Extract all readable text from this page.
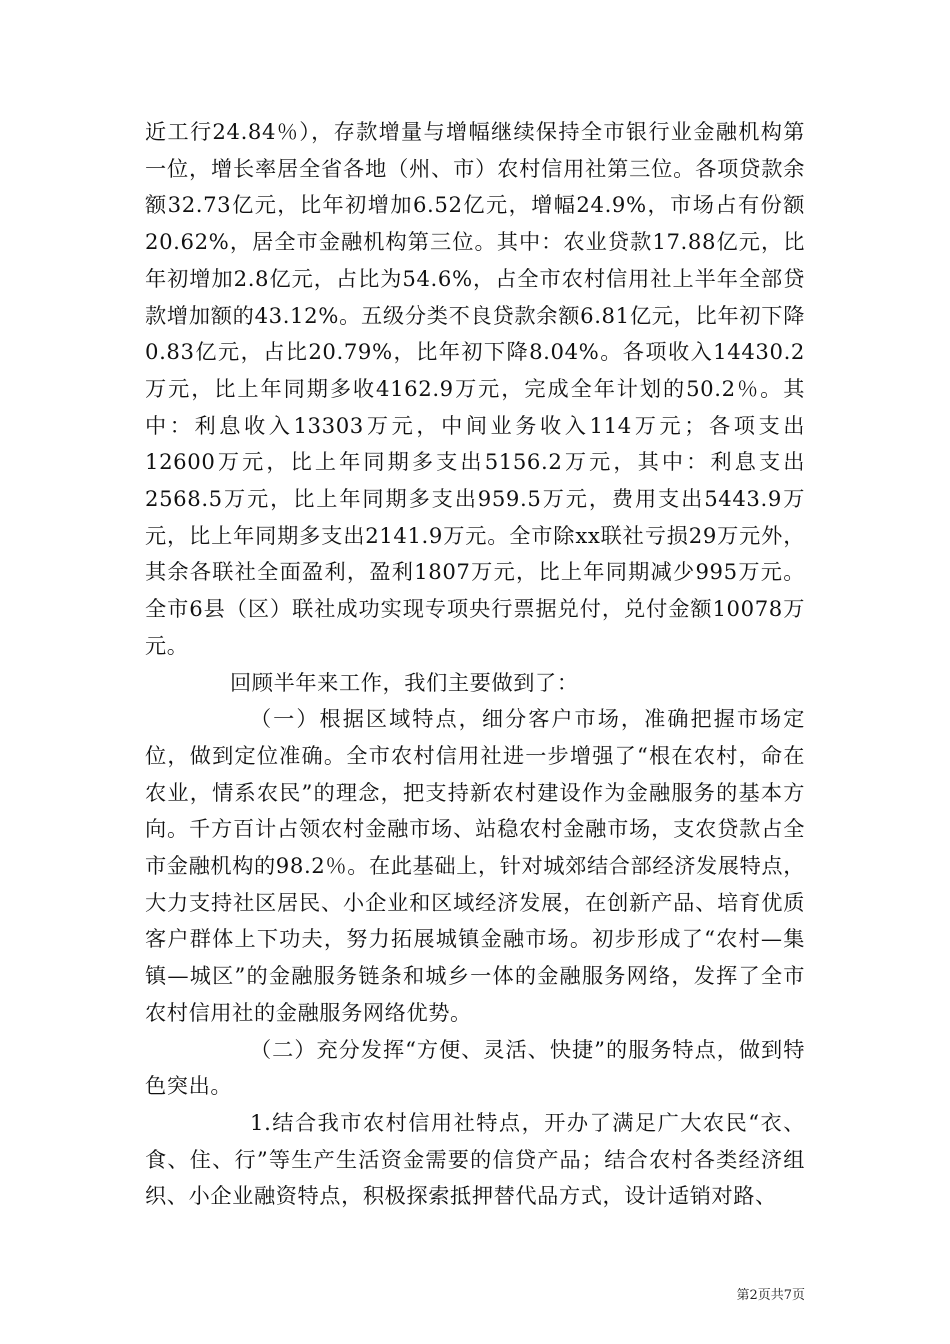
近工行24.84％），存款增量与增幅继续保持全市银行业金融机构第一位，增长率居全省各地（州、市）农村信用社第三位。各项贷款余额32.73亿元，比年初增加6.52亿元，增幅24.9%，市场占有份额20.62%，居全市金融机构第三位。其中：农业贷款17.88亿元，比年初增加2.8亿元，占比为54.6%，占全市农村信用社上半年全部贷款增加额的43.12%。五级分类不良贷款余额6.81亿元，比年初下降0.83亿元，占比20.79%，比年初下降8.04%。各项收入14430.2万元，比上年同期多收4162.9万元，完成全年计划的50.2％。其中：利息收入13303万元，中间业务收入114万元；各项支出12600万元，比上年同期多支出5156.2万元，其中：利息支出2568.5万元，比上年同期多支出959.5万元，费用支出5443.9万元，比上年同期多支出2141.9万元。全市除xx联社亏损29万元外，其余各联社全面盈利，盈利1807万元，比上年同期减少995万元。全市6县（区）联社成功实现专项央行票据兑付，兑付金额10078万元。

回顾半年来工作，我们主要做到了：

（一）根据区域特点，细分客户市场，准确把握市场定位，做到定位准确。全市农村信用社进一步增强了“根在农村，命在农业，情系农民”的理念，把支持新农村建设作为金融服务的基本方向。千方百计占领农村金融市场、站稳农村金融市场，支农贷款占全市金融机构的98.2％。在此基础上，针对城郊结合部经济发展特点，大力支持社区居民、小企业和区域经济发展，在创新产品、培育优质客户群体上下功夫，努力拓展城镇金融市场。初步形成了“农村—集镇—城区”的金融服务链条和城乡一体的金融服务网络，发挥了全市农村信用社的金融服务网络优势。

（二）充分发挥“方便、灵活、快捷”的服务特点，做到特色突出。

1.结合我市农村信用社特点，开办了满足广大农民“衣、食、住、行”等生产生活资金需要的信贷产品；结合农村各类经济组织、小企业融资特点，积极探索抵押替代品方式，设计适销对路、

第2页共7页
